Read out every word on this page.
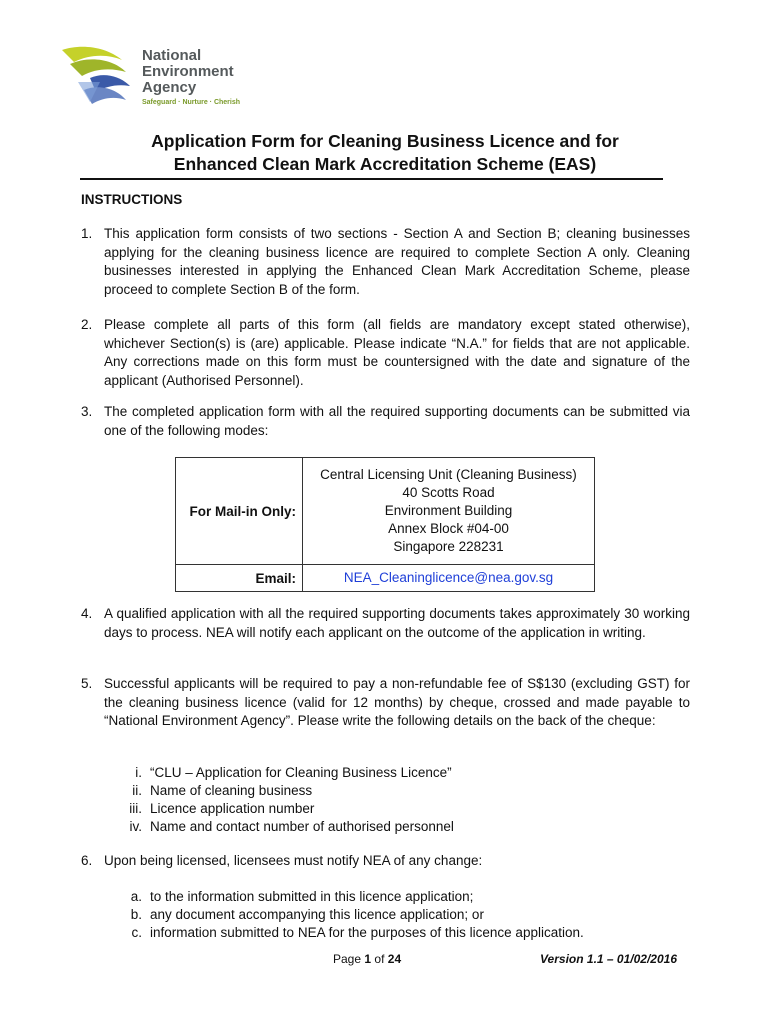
National
Environment
Agency
Safeguard · Nurture · Cherish
Application Form for Cleaning Business Licence and for
Enhanced Clean Mark Accreditation Scheme (EAS)
INSTRUCTIONS
1. This application form consists of two sections - Section A and Section B; cleaning businesses applying for the cleaning business licence are required to complete Section A only. Cleaning businesses interested in applying the Enhanced Clean Mark Accreditation Scheme, please proceed to complete Section B of the form.
2. Please complete all parts of this form (all fields are mandatory except stated otherwise), whichever Section(s) is (are) applicable. Please indicate “N.A.” for fields that are not applicable. Any corrections made on this form must be countersigned with the date and signature of the applicant (Authorised Personnel).
3. The completed application form with all the required supporting documents can be submitted via one of the following modes:
For Mail-in Only:	Central Licensing Unit (Cleaning Business)
40 Scotts Road
Environment Building
Annex Block #04-00
Singapore 228231

Email:	NEA_Cleaninglicence@nea.gov.sg
4. A qualified application with all the required supporting documents takes approximately 30 working days to process. NEA will notify each applicant on the outcome of the application in writing.
5. Successful applicants will be required to pay a non-refundable fee of S$130 (excluding GST) for the cleaning business licence (valid for 12 months) by cheque, crossed and made payable to “National Environment Agency”. Please write the following details on the back of the cheque:
i. “CLU – Application for Cleaning Business Licence”
ii. Name of cleaning business
iii. Licence application number
iv. Name and contact number of authorised personnel
6. Upon being licensed, licensees must notify NEA of any change:
a. to the information submitted in this licence application;
b. any document accompanying this licence application; or
c. information submitted to NEA for the purposes of this licence application.
Page 1 of 24	Version 1.1 – 01/02/2016
